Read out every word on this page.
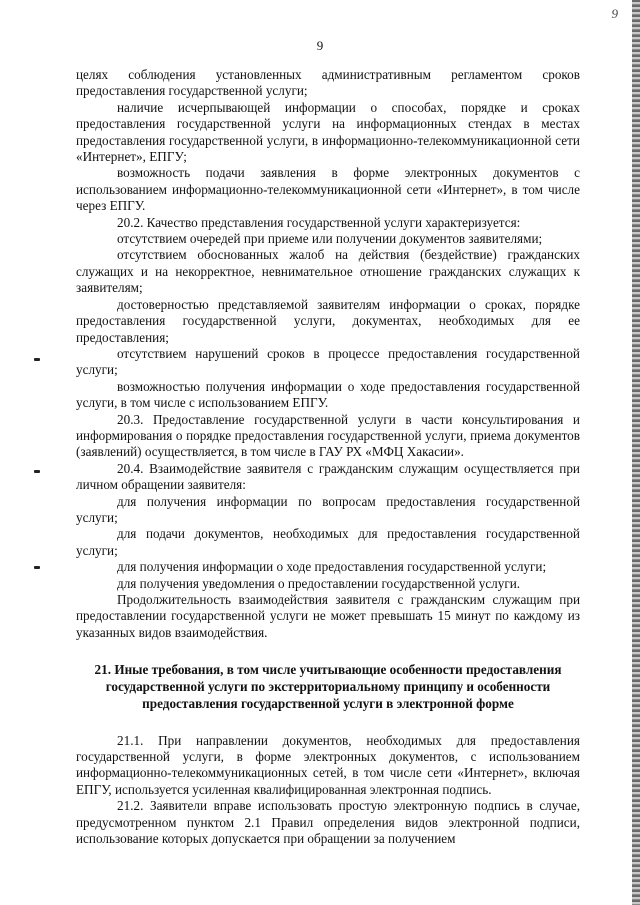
9
9

целях соблюдения установленных административным регламентом сроков предоставления государственной услуги;

наличие исчерпывающей информации о способах, порядке и сроках предоставления государственной услуги на информационных стендах в местах предоставления государственной услуги, в информационно-телекоммуникационной сети «Интернет», ЕПГУ;

возможность подачи заявления в форме электронных документов с использованием информационно-телекоммуникационной сети «Интернет», в том числе через ЕПГУ.

20.2. Качество представления государственной услуги характеризуется:

отсутствием очередей при приеме или получении документов заявителями;

отсутствием обоснованных жалоб на действия (бездействие) гражданских служащих и на некорректное, невнимательное отношение гражданских служащих к заявителям;

достоверностью представляемой заявителям информации о сроках, порядке предоставления государственной услуги, документах, необходимых для ее предоставления;

отсутствием нарушений сроков в процессе предоставления государственной услуги;

возможностью получения информации о ходе предоставления государственной услуги, в том числе с использованием ЕПГУ.

20.3. Предоставление государственной услуги в части консультирования и информирования о порядке предоставления государственной услуги, приема документов (заявлений) осуществляется, в том числе в ГАУ РХ «МФЦ Хакасии».

20.4. Взаимодействие заявителя с гражданским служащим осуществляется при личном обращении заявителя:

для получения информации по вопросам предоставления государственной услуги;

для подачи документов, необходимых для предоставления государственной услуги;

для получения информации о ходе предоставления государственной услуги;

для получения уведомления о предоставлении государственной услуги.

Продолжительность взаимодействия заявителя с гражданским служащим при предоставлении государственной услуги не может превышать 15 минут по каждому из указанных видов взаимодействия.

21. Иные требования, в том числе учитывающие особенности предоставления государственной услуги по экстерриториальному принципу и особенности предоставления государственной услуги в электронной форме

21.1. При направлении документов, необходимых для предоставления государственной услуги, в форме электронных документов, с использованием информационно-телекоммуникационных сетей, в том числе сети «Интернет», включая ЕПГУ, используется усиленная квалифицированная электронная подпись.

21.2. Заявители вправе использовать простую электронную подпись в случае, предусмотренном пунктом 2.1 Правил определения видов электронной подписи, использование которых допускается при обращении за получением
